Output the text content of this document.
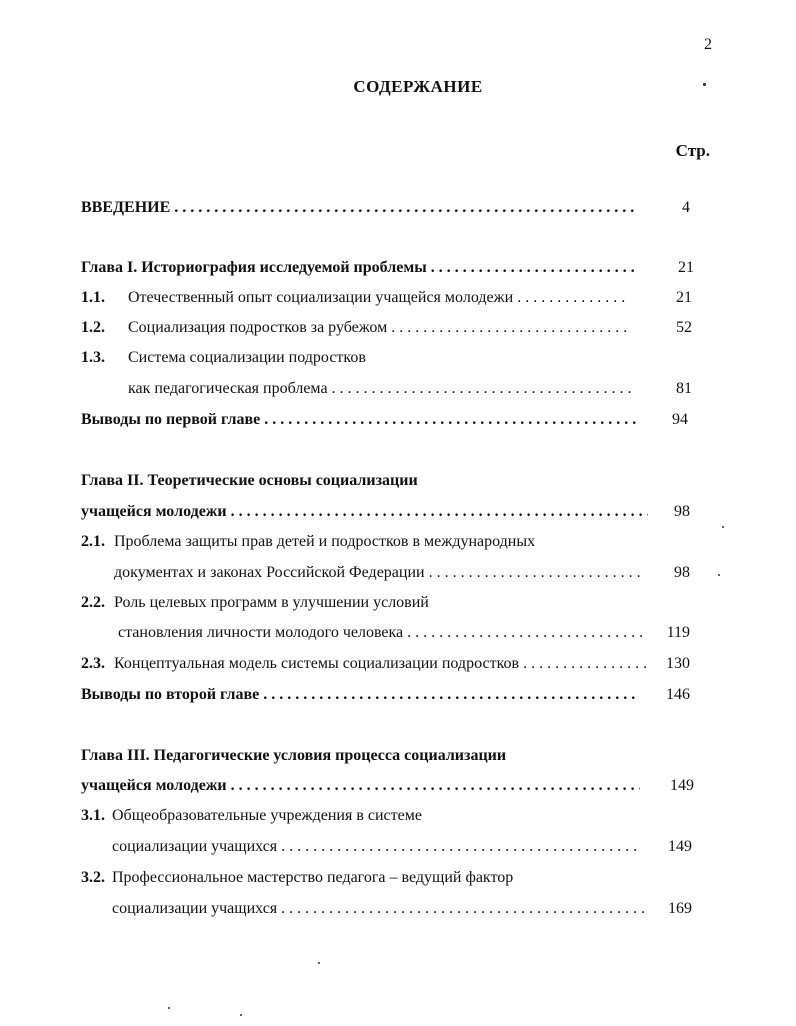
2
СОДЕРЖАНИЕ
Стр.
ВВЕДЕНИЕ . . .	4
Глава I. Историография исследуемой проблемы . . .	21
1.1. Отечественный опыт социализации учащейся молодежи . . .	21
1.2. Социализация подростков за рубежом . . .	52
1.3. Система социализации подростков
как педагогическая проблема . . .	81
Выводы по первой главе . . .	94
Глава II. Теоретические основы социализации
учащейся молодежи . . .	98
2.1. Проблема защиты прав детей и подростков в международных
документах и законах Российской Федерации . . .	98
2.2. Роль целевых программ в улучшении условий
становления личности молодого человека . . .	119
2.3. Концептуальная модель системы социализации подростков . . .	130
Выводы по второй главе . . .	146
Глава III. Педагогические условия процесса социализации
учащейся молодежи . . .	149
3.1. Общеобразовательные учреждения в системе
социализации учащихся . . .	149
3.2. Профессиональное мастерство педагога – ведущий фактор
социализации учащихся . . .	169
